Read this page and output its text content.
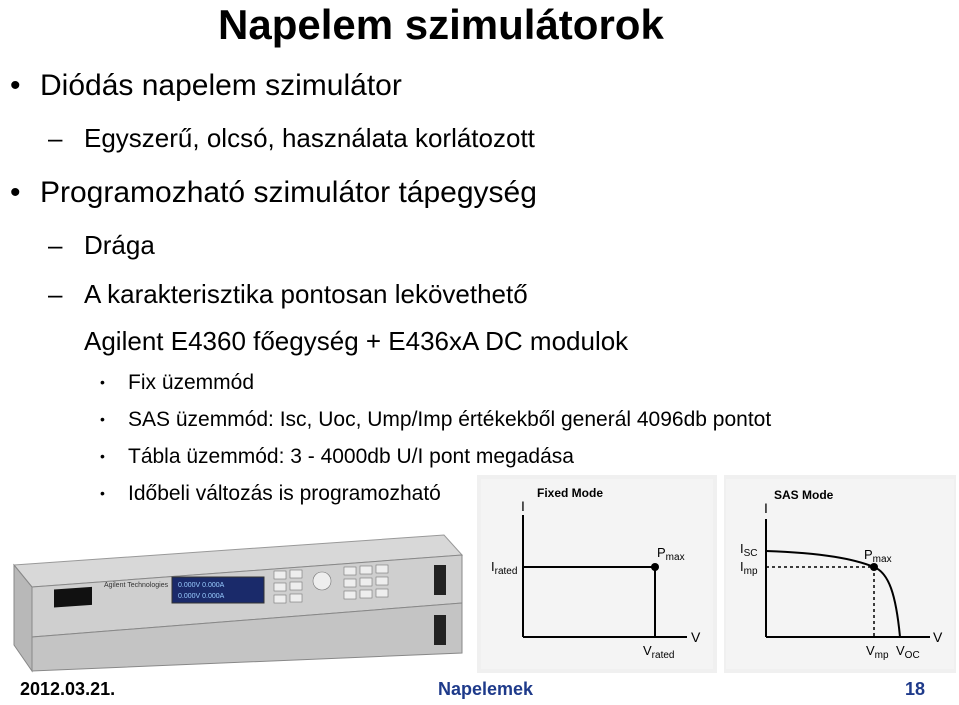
Napelem szimulátorok
• Diódás napelem szimulátor
– Egyszerű, olcsó, használata korlátozott
• Programozható szimulátor tápegység
– Drága
– A karakterisztika pontosan lekövethető
Agilent E4360 főegység + E436xA DC modulok
• Fix üzemmód
• SAS üzemmód: Isc, Uoc, Ump/Imp értékekből generál 4096db pontot
• Tábla üzemmód: 3 - 4000db U/I pont megadása
• Időbeli változás is programozható	Fixed Mode
I
V
$I_{rated}$
$P_{max}$
$V_{rated}$
SAS Mode
I
V
$I_{SC}$
$I_{mp}$
$P_{max}$
$V_{mp}$ $V_{OC}$
Agilent Technologies 0.000V 0.000A
0.000V 0.000A
2012.03.21.	Napelemek	18
